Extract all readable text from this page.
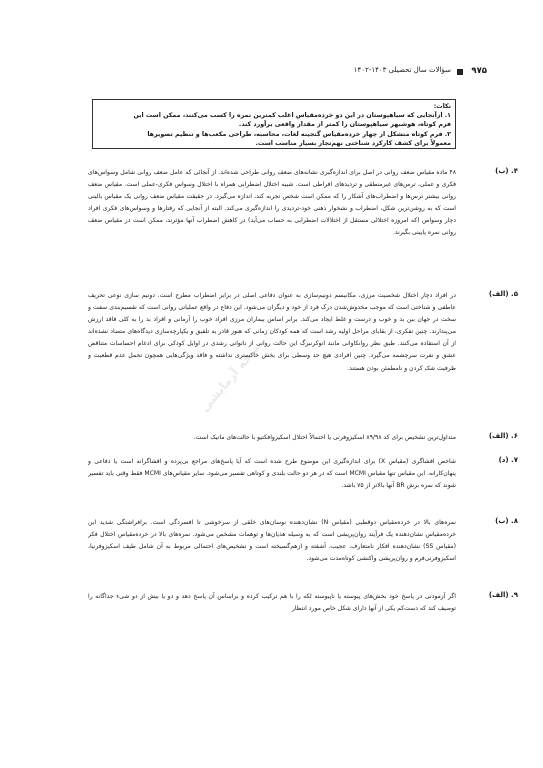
۹۷۵
سؤالات سال تحصیلی ۱۴۰۳-۱۴۰۲
نکات:
۱. ازآنجایی که سیاهپوستان در این دو خرده‌مقیاس اغلب کمترین نمره را کسب می‌کنند، ممکن است این
فرم کوتاه، هوشبهر سیاهپوستان را کمتر از مقدار واقعی برآورد کند.
۲. فرم کوتاه متشکل از چهار خرده‌مقیاس گنجینه لغات، محاسبه، طراحی مکعب‌ها و تنظیم تصویرها
معمولاً برای کشف کارکرد شناختی نهم‌تجار بسیار مناسب است.
۴. (ب)
۴۸ ماده مقیاس ضعف روانی در اصل برای اندازه‌گیری نشانه‌های ضعف روانی طراحی شده‌اند. از آنجائی که عامل ضعف روانی شامل وسواس‌های فکری و عملی، ترس‌های غیرمنطقی و تردیدهای افراطی است. شبیه اختلال اضطرابی همراه با اختلال وسواس فکری-عملی است. مقیاس ضعف روانی بیشتر ترس‌ها و اضطراب‌های آشکار را که ممکن است شخص تجربه کند، اندازه می‌گیرد. در حقیقت مقیاس ضعف روانی یک مقیاس بالینی است که به روشن‌ترین شکل، اضطراب و نشخوار ذهنی خود-تردیدی را اندازه‌گیری می‌کند. البته از آنجایی که رفتارها و وسواس‌های فکری افراد دچار وسواس (که امروزه اختلالی مستقل از اختلالات اضطرابی به حساب می‌آید) در کاهش اضطراب آنها مؤثرند، ممکن است در مقیاس ضعف روانی نمره پایینی بگیرند.
۵. (الف)
در افراد دچار اختلال شخصیت مرزی، مکانیسم دونیم‌سازی به عنوان دفاعی اصلی در برابر اضطراب مطرح است. دونیم سازی نوعی تحریف عاطفی و شناختی است که موجب مخدوش‌شدن درک فرد از خود و دیگران می‌شود. این دفاع در واقع عملیاتی روانی است که تقسیم‌بندی سفت و سخت در جهان بین بد و خوب و درست و غلط ایجاد می‌کند. برابر اساس بیماران مرزی افراد خوب را آرمانی و افراد بد را به کلی فاقد ارزش می‌پندارند. چنین تفکری، از بقایای مراحل اولیه رشد است که همه کودکان زمانی که هنوز قادر به تلفیق و یکپارچه‌سازی دیدگاه‌های متضاد نشده‌اند از آن استفاده می‌کنند. طبق نظر روانکاوانی مانند اتوکرنبرگ این حالت روانی از ناتوانی رشدی در اوایل کودکی برای ادغام احساسات متناقض عشق و نفرت سرچشمه می‌گیرد. چنین افرادی هیچ حد وسطی برای بخش خاکستری نداشته و فاقد ویژگی‌هایی همچون تحمل عدم قطعیت و ظرفیت شک کردن و نامطمئن بودن هستند.
۶. (الف)
متداول‌ترین تشخیص برای کد ۸۹/۹۸ اسکیزوفرنی یا احتمالاً اختلال اسکیزوافکتیو با حالت‌های مانیک است.
۷. (د)
شاخص افشاگری (مقیاس X) برای اندازه‌گیری این موضوع طرح شده است که آیا پاسخ‌های مراجع بی‌پرده و افشاگرانه است یا دفاعی و پنهان‌کارانه. این مقیاس تنها مقیاس MCMI است که در هر دو حالت بلندی و کوتاهی تفسیر می‌شود. سایر مقیاس‌های MCMI فقط وقتی باید تفسیر شوند که نمره برش BR آنها بالاتر از ۷۵ باشد.
۸. (ب)
نمره‌های بالا در خرده‌مقیاس دوقطبی (مقیاس N) نشان‌دهنده نوسان‌های خلقی از سرخوشی تا افسردگی است. برافراشتگی شدید این خرده‌مقیاس نشان‌دهنده یک فرآیند روان‌پریشی است که به وسیله هذیان‌ها و توهمات مشخص می‌شود. نمره‌های بالا در خرده‌مقیاس اختلال فکر (مقیاس SS) نشان‌دهنده افکار نامتعارف، عجیب، آشفته و ازهم‌گسیخته است و تشخیص‌های احتمالی مربوط به آن شامل طیف اسکیزوفرنیا، اسکیزوفرنی‌فرم و روان‌پریشی واکنشی کوتاه‌مدت می‌شود.
۹. (الف)
اگر آزمودنی در پاسخ خود بخش‌های پیوسته یا ناپیوسته لکه را با هم ترکیب کرده و براساس آن پاسخ دهد و دو یا بیش از دو شیء جداگانه را توصیف کند که دست‌کم یکی از آنها دارای شکل خاص مورد انتظار
نسخه آزمایشی
